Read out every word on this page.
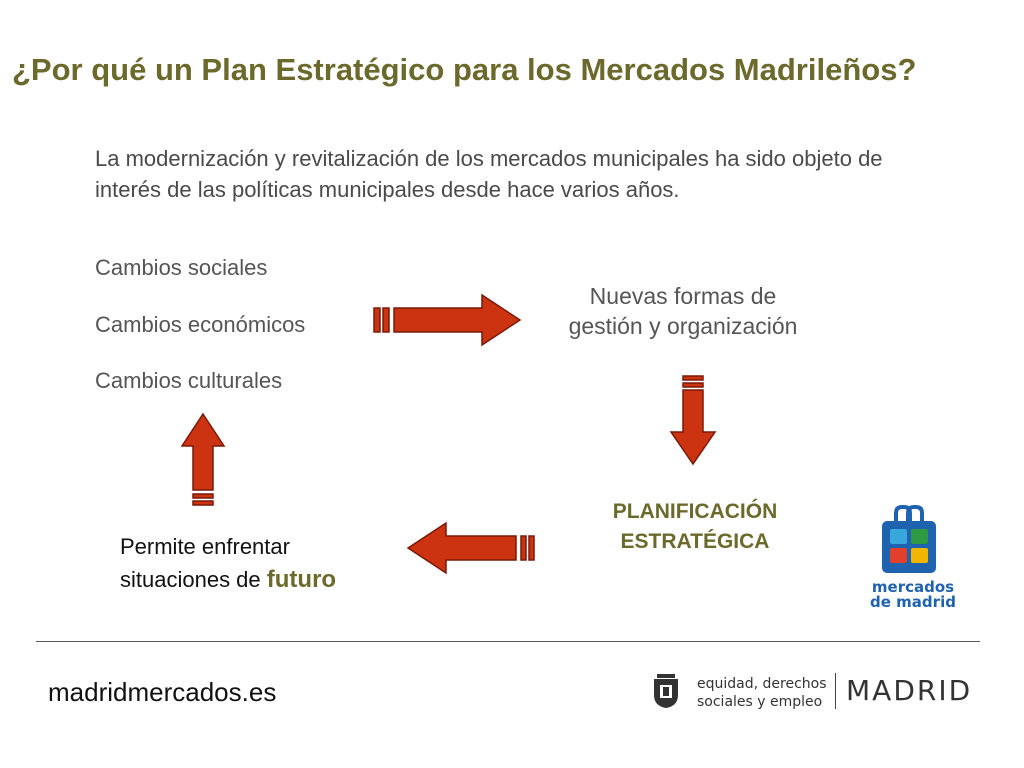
¿Por qué un Plan Estratégico para los Mercados Madrileños?
La modernización y revitalización de los mercados municipales ha sido objeto de interés de las políticas municipales desde hace varios años.
Cambios sociales
Cambios económicos
Cambios culturales
Nuevas formas de
gestión y organización
PLANIFICACIÓN
ESTRATÉGICA
Permite enfrentar
situaciones de futuro	mercados
de madrid
madridmercados.es	equidad, derechos
sociales y empleo MADRID
